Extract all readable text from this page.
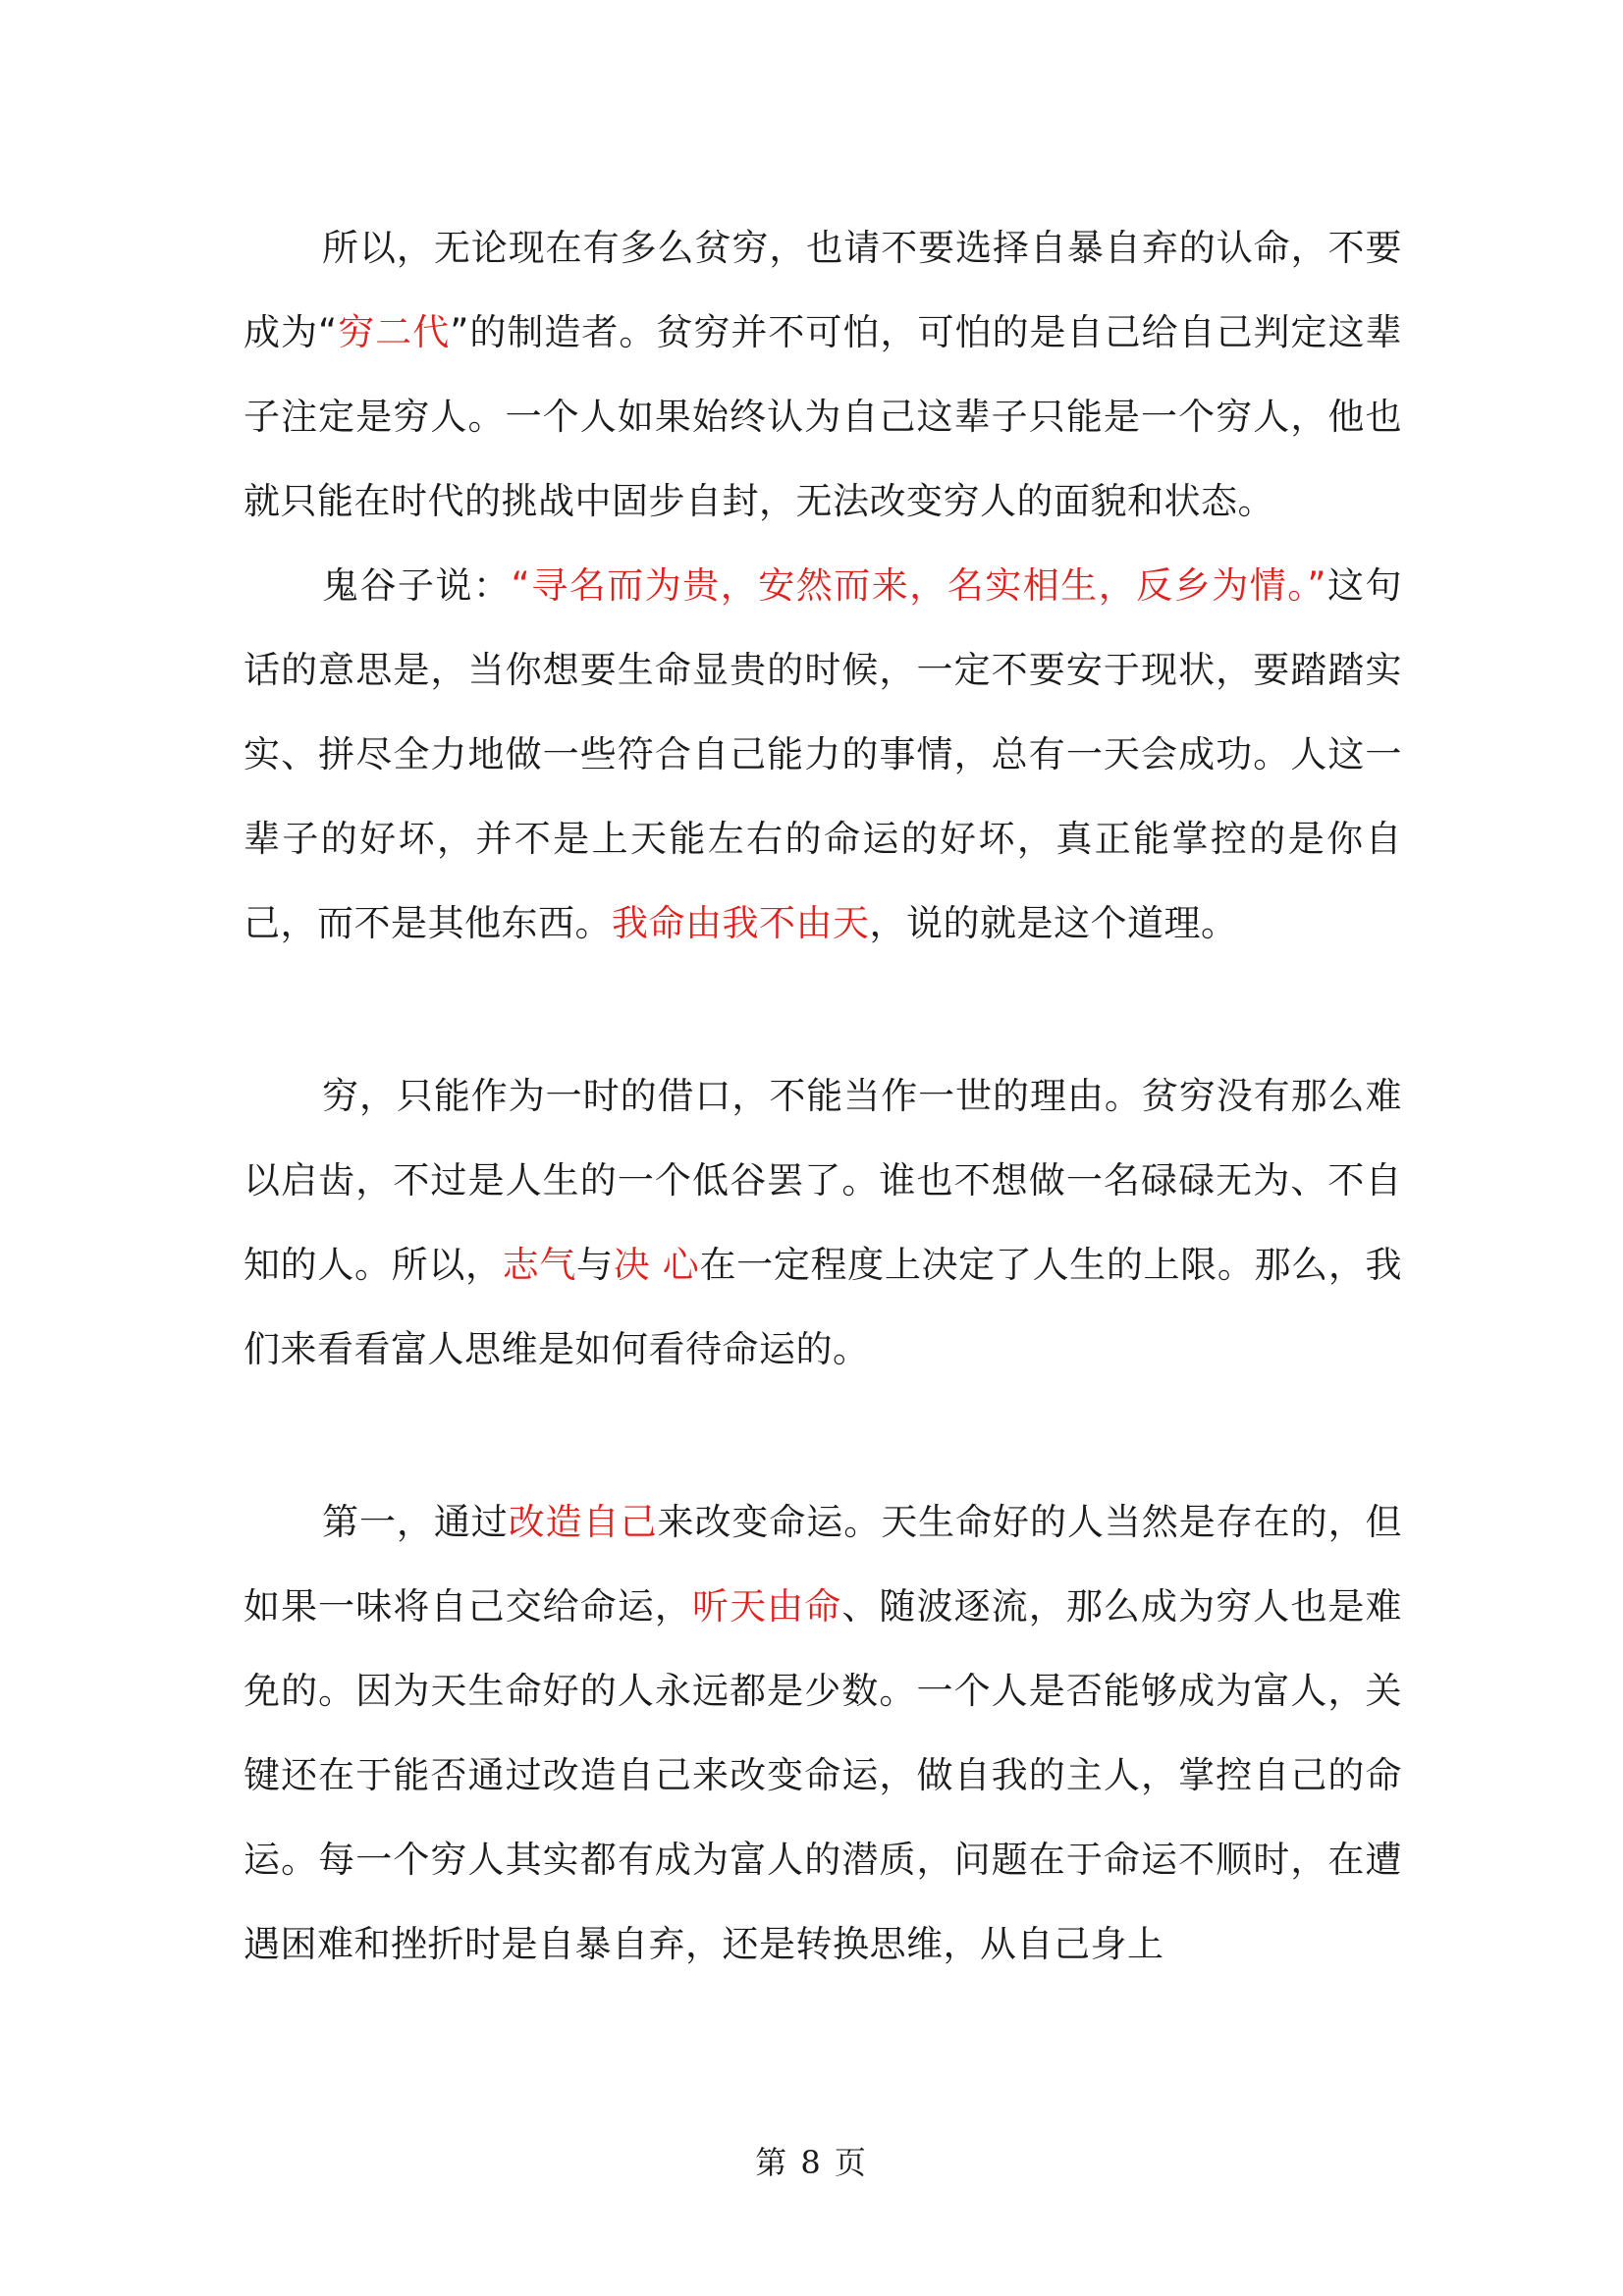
所以，无论现在有多么贫穷，也请不要选择自暴自弃的认命，不要成为“穷二代”的制造者。贫穷并不可怕，可怕的是自己给自己判定这辈子注定是穷人。一个人如果始终认为自己这辈子只能是一个穷人，他也就只能在时代的挑战中固步自封，无法改变穷人的面貌和状态。

鬼谷子说：“寻名而为贵，安然而来，名实相生，反乡为情。”这句话的意思是，当你想要生命显贵的时候，一定不要安于现状，要踏踏实实、拼尽全力地做一些符合自己能力的事情，总有一天会成功。人这一辈子的好坏，并不是上天能左右的命运的好坏，真正能掌控的是你自己，而不是其他东西。我命由我不由天，说的就是这个道理。

穷，只能作为一时的借口，不能当作一世的理由。贫穷没有那么难以启齿，不过是人生的一个低谷罢了。谁也不想做一名碌碌无为、不自知的人。所以，志气与决 心在一定程度上决定了人生的上限。那么，我们来看看富人思维是如何看待命运的。

第一，通过改造自己来改变命运。天生命好的人当然是存在的，但如果一味将自己交给命运，听天由命、随波逐流，那么成为穷人也是难免的。因为天生命好的人永远都是少数。一个人是否能够成为富人，关键还在于能否通过改造自己来改变命运，做自我的主人，掌控自己的命运。每一个穷人其实都有成为富人的潜质，问题在于命运不顺时，在遭遇困难和挫折时是自暴自弃，还是转换思维，从自己身上

第 8 页
